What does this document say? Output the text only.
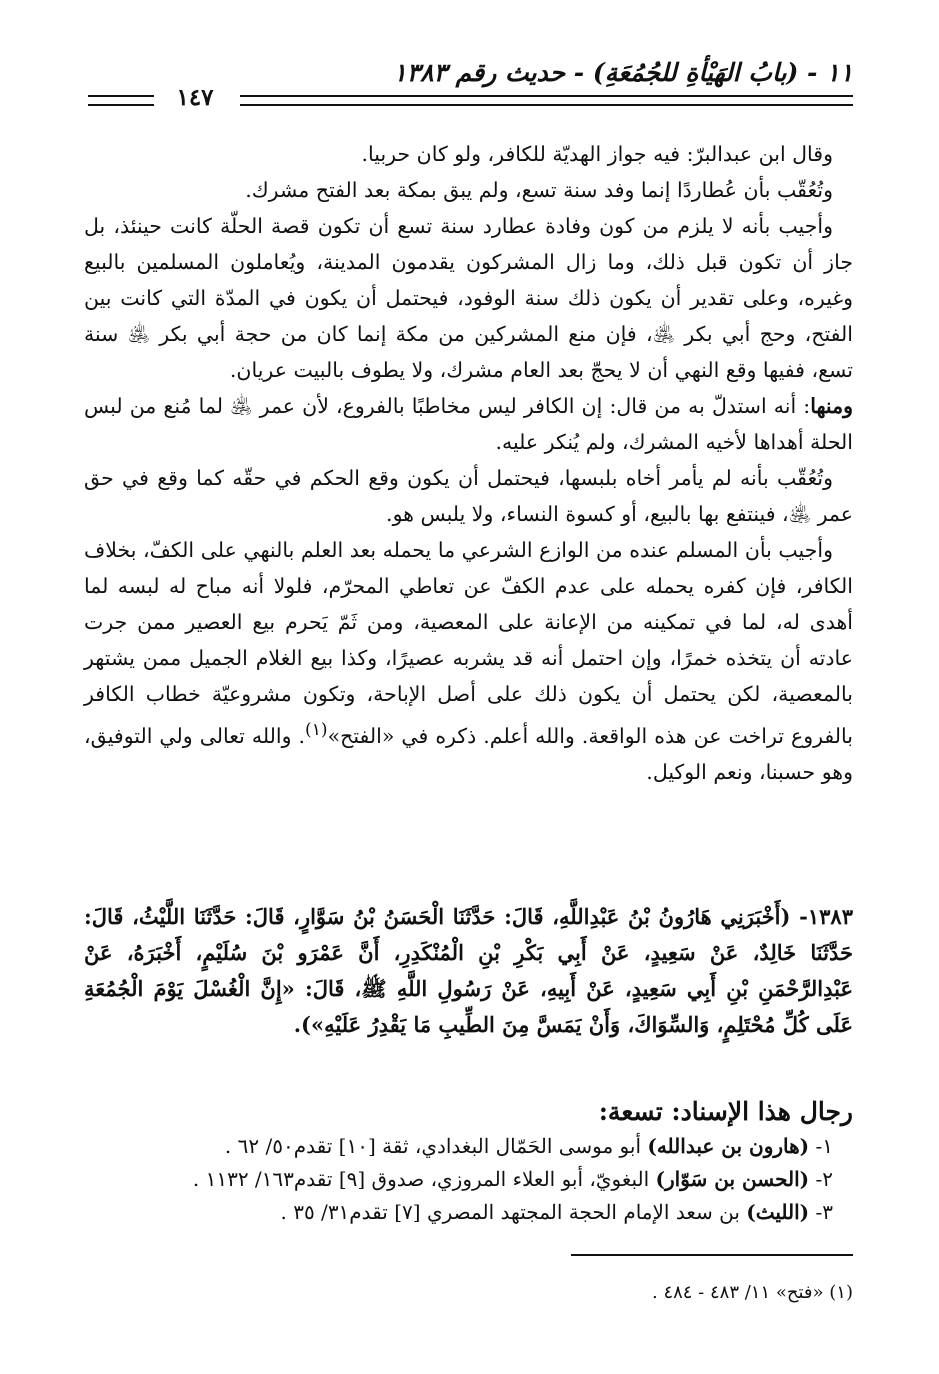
١١ - (بابُ الهَيْأةِ للجُمُعَةِ) - حديث رقم ١٣٨٣
١٤٧

وقال ابن عبدالبرّ: فيه جواز الهديّة للكافر، ولو كان حربيا.

وتُعُقّب بأن عُطاردًا إنما وفد سنة تسع، ولم يبق بمكة بعد الفتح مشرك.

وأجيب بأنه لا يلزم من كون وفادة عطارد سنة تسع أن تكون قصة الحلّة كانت حينئذ، بل جاز أن تكون قبل ذلك، وما زال المشركون يقدمون المدينة، ويُعاملون المسلمين بالبيع وغيره، وعلى تقدير أن يكون ذلك سنة الوفود، فيحتمل أن يكون في المدّة التي كانت بين الفتح، وحج أبي بكر ﵁، فإن منع المشركين من مكة إنما كان من حجة أبي بكر ﵁ سنة تسع، ففيها وقع النهي أن لا يحجّ بعد العام مشرك، ولا يطوف بالبيت عريان.

ومنها: أنه استدلّ به من قال: إن الكافر ليس مخاطبًا بالفروع، لأن عمر ﵁ لما مُنع من لبس الحلة أهداها لأخيه المشرك، ولم يُنكر عليه.

وتُعُقّب بأنه لم يأمر أخاه بلبسها، فيحتمل أن يكون وقع الحكم في حقّه كما وقع في حق عمر ﵁، فينتفع بها بالبيع، أو كسوة النساء، ولا يلبس هو.

وأجيب بأن المسلم عنده من الوازع الشرعي ما يحمله بعد العلم بالنهي على الكفّ، بخلاف الكافر، فإن كفره يحمله على عدم الكفّ عن تعاطي المحرّم، فلولا أنه مباح له لبسه لما أهدى له، لما في تمكينه من الإعانة على المعصية، ومن ثَمّ يَحرم بيع العصير ممن جرت عادته أن يتخذه خمرًا، وإن احتمل أنه قد يشربه عصيرًا، وكذا بيع الغلام الجميل ممن يشتهر بالمعصية، لكن يحتمل أن يكون ذلك على أصل الإباحة، وتكون مشروعيّة خطاب الكافر بالفروع تراخت عن هذه الواقعة. والله أعلم. ذكره في «الفتح»$^{(١)}$. والله تعالى ولي التوفيق، وهو حسبنا، ونعم الوكيل.

١٣٨٣- (أَخْبَرَنِي هَارُونُ بْنُ عَبْدِاللَّهِ، قَالَ: حَدَّثَنَا الْحَسَنُ بْنُ سَوَّارٍ، قَالَ: حَدَّثَنَا اللَّيْثُ، قَالَ: حَدَّثَنَا خَالِدٌ، عَنْ سَعِيدٍ، عَنْ أَبِي بَكْرِ بْنِ الْمُنْكَدِرِ، أَنَّ عَمْرَو بْنَ سُلَيْمٍ، أَخْبَرَهُ، عَنْ عَبْدِالرَّحْمَنِ بْنِ أَبِي سَعِيدٍ، عَنْ أَبِيهِ، عَنْ رَسُولِ اللَّهِ ﷺ، قَالَ: «إِنَّ الْغُسْلَ يَوْمَ الْجُمُعَةِ عَلَى كُلِّ مُحْتَلِمٍ، وَالسِّوَاكَ، وَأَنْ يَمَسَّ مِنَ الطِّيبِ مَا يَقْدِرُ عَلَيْهِ»).
رجال هذا الإسناد: تسعة:
١- (هارون بن عبدالله) أبو موسى الحَمّال البغدادي، ثقة [١٠] تقدم٥٠/ ٦٢ .
٢- (الحسن بن سَوّار) البغويّ، أبو العلاء المروزي، صدوق [٩] تقدم١٦٣/ ١١٣٢ .
٣- (الليث) بن سعد الإمام الحجة المجتهد المصري [٧] تقدم٣١/ ٣٥ .
(١) «فتح» ١١/ ٤٨٣ - ٤٨٤ .
